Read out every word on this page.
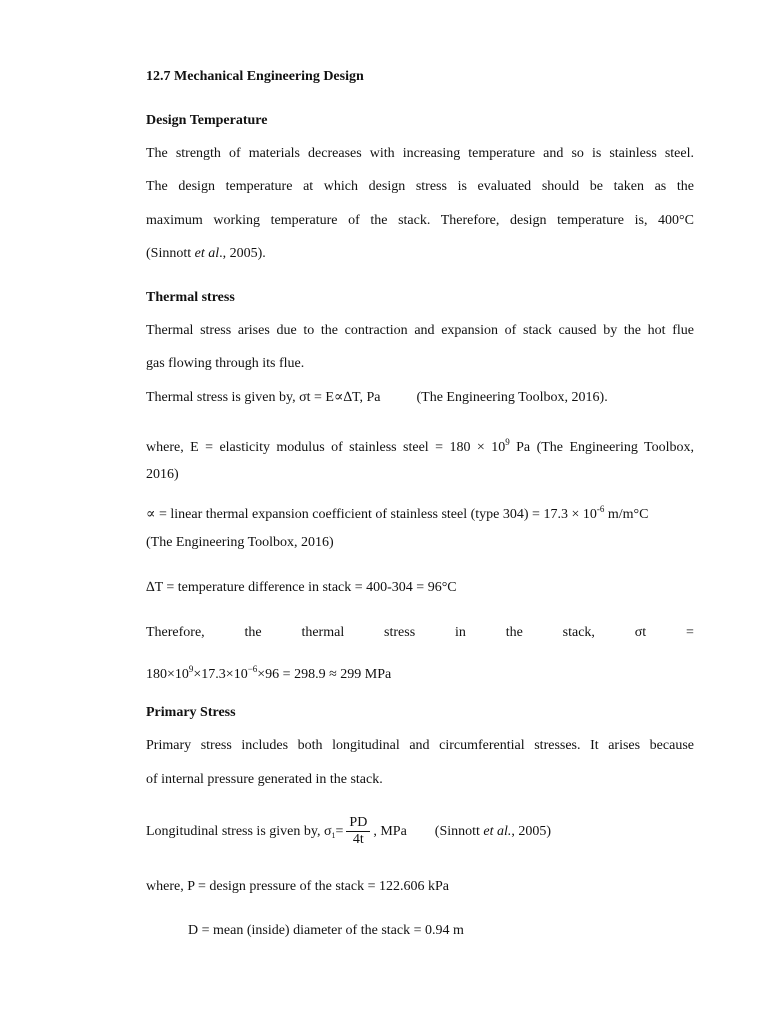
12.7 Mechanical Engineering Design
Design Temperature
The strength of materials decreases with increasing temperature and so is stainless steel.
The design temperature at which design stress is evaluated should be taken as the
maximum working temperature of the stack. Therefore, design temperature is, 400°C
(Sinnott et al., 2005).
Thermal stress
Thermal stress arises due to the contraction and expansion of stack caused by the hot flue
gas flowing through its flue.
Thermal stress is given by, σt = E∝∆T, Pa	(The Engineering Toolbox, 2016).
where, E = elasticity modulus of stainless steel = $180 \times 10^9$ Pa (The Engineering Toolbox,
2016)
∝ = linear thermal expansion coefficient of stainless steel (type $304) = 17.3 \times 10^{-6}$ m/m°C
(The Engineering Toolbox, 2016)
∆T = temperature difference in stack = 400-304 = 96°C
Therefore,	the	thermal	stress	in	the	stack,	σt	=
$180\times 10^9\times 17.3\times 10^{-6}\times 96 = 298.9 \approx 299$ MPa
Primary Stress
Primary stress includes both longitudinal and circumferential stresses. It arises because
of internal pressure generated in the stack.
Longitudinal stress is given by, $\sigma_1= \frac{PD}{4t}$ , MPa (Sinnott et al., 2005)
where, P = design pressure of the stack = 122.606 kPa
D = mean (inside) diameter of the stack = 0.94 m
